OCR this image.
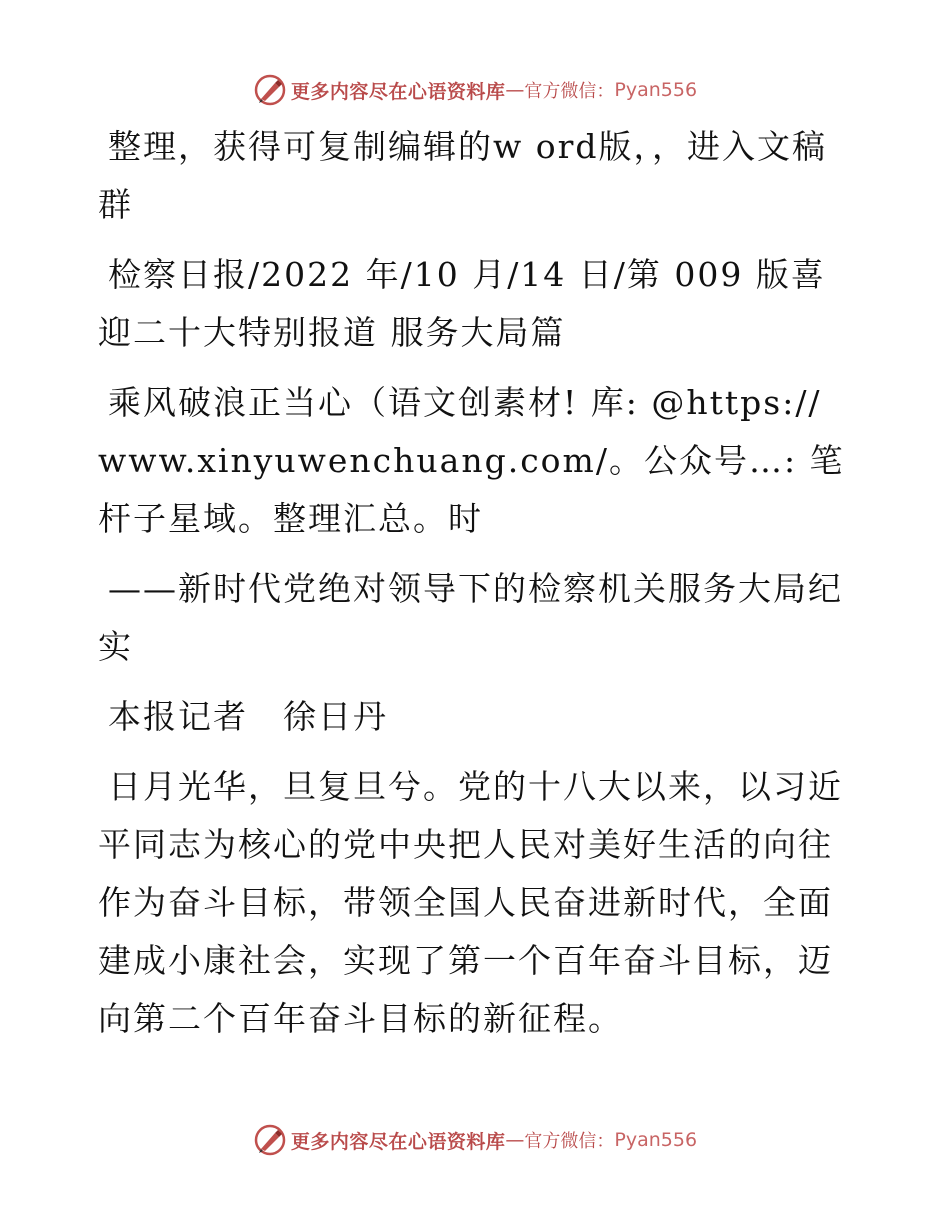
更多内容尽在心语资料库 — 官方微信： Pyan556

整理，获得可复制编辑的w ord版，，进入文稿群

检察日报/2022 年/10 月/14 日/第 009 版喜迎二十大特别报道 服务大局篇

乘风破浪正当心（语文创素材! 库: @https:// www.xinyuwenchuang.com/。公众号…: 笔杆子星域。整理汇总。时

——新时代党绝对领导下的检察机关服务大局纪实

本报记者　徐日丹

日月光华，旦复旦兮。党的十八大以来，以习近平同志为核心的党中央把人民对美好生活的向往作为奋斗目标，带领全国人民奋进新时代，全面建成小康社会，实现了第一个百年奋斗目标，迈向第二个百年奋斗目标的新征程。

更多内容尽在心语资料库 — 官方微信： Pyan556
